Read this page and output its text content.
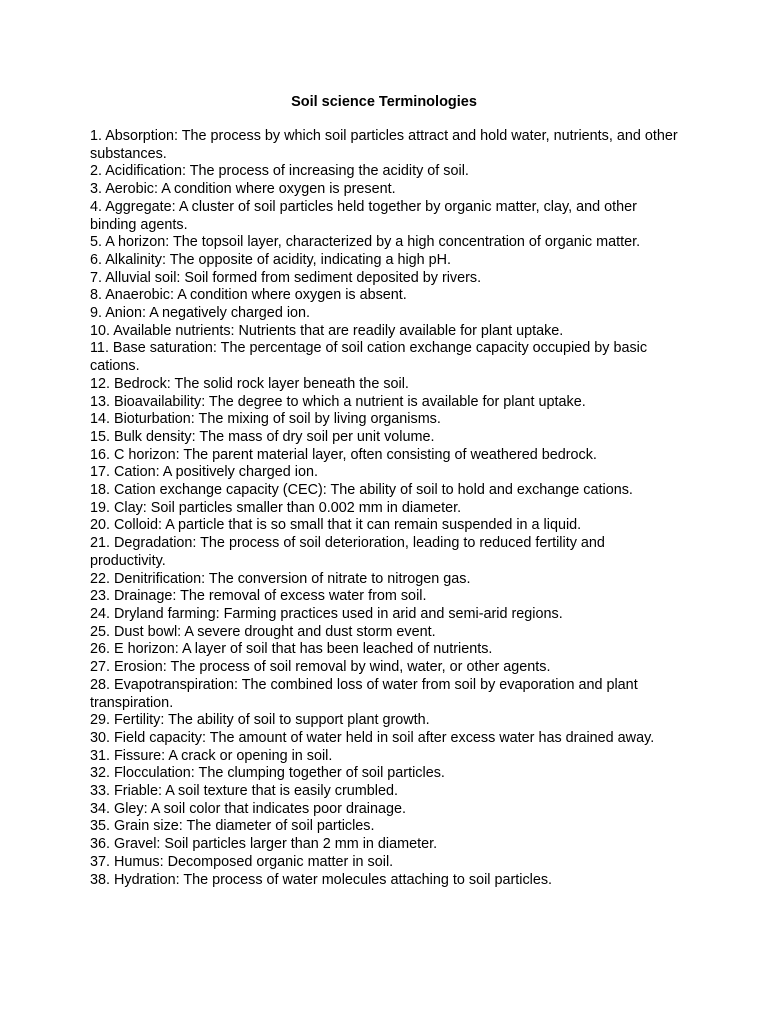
Soil science Terminologies
1. Absorption: The process by which soil particles attract and hold water, nutrients, and other substances.
2. Acidification: The process of increasing the acidity of soil.
3. Aerobic: A condition where oxygen is present.
4. Aggregate: A cluster of soil particles held together by organic matter, clay, and other binding agents.
5. A horizon: The topsoil layer, characterized by a high concentration of organic matter.
6. Alkalinity: The opposite of acidity, indicating a high pH.
7. Alluvial soil: Soil formed from sediment deposited by rivers.
8. Anaerobic: A condition where oxygen is absent.
9. Anion: A negatively charged ion.
10. Available nutrients: Nutrients that are readily available for plant uptake.
11. Base saturation: The percentage of soil cation exchange capacity occupied by basic cations.
12. Bedrock: The solid rock layer beneath the soil.
13. Bioavailability: The degree to which a nutrient is available for plant uptake.
14. Bioturbation: The mixing of soil by living organisms.
15. Bulk density: The mass of dry soil per unit volume.
16. C horizon: The parent material layer, often consisting of weathered bedrock.
17. Cation: A positively charged ion.
18. Cation exchange capacity (CEC): The ability of soil to hold and exchange cations.
19. Clay: Soil particles smaller than 0.002 mm in diameter.
20. Colloid: A particle that is so small that it can remain suspended in a liquid.
21. Degradation: The process of soil deterioration, leading to reduced fertility and productivity.
22. Denitrification: The conversion of nitrate to nitrogen gas.
23. Drainage: The removal of excess water from soil.
24. Dryland farming: Farming practices used in arid and semi-arid regions.
25. Dust bowl: A severe drought and dust storm event.
26. E horizon: A layer of soil that has been leached of nutrients.
27. Erosion: The process of soil removal by wind, water, or other agents.
28. Evapotranspiration: The combined loss of water from soil by evaporation and plant transpiration.
29. Fertility: The ability of soil to support plant growth.
30. Field capacity: The amount of water held in soil after excess water has drained away.
31. Fissure: A crack or opening in soil.
32. Flocculation: The clumping together of soil particles.
33. Friable: A soil texture that is easily crumbled.
34. Gley: A soil color that indicates poor drainage.
35. Grain size: The diameter of soil particles.
36. Gravel: Soil particles larger than 2 mm in diameter.
37. Humus: Decomposed organic matter in soil.
38. Hydration: The process of water molecules attaching to soil particles.
